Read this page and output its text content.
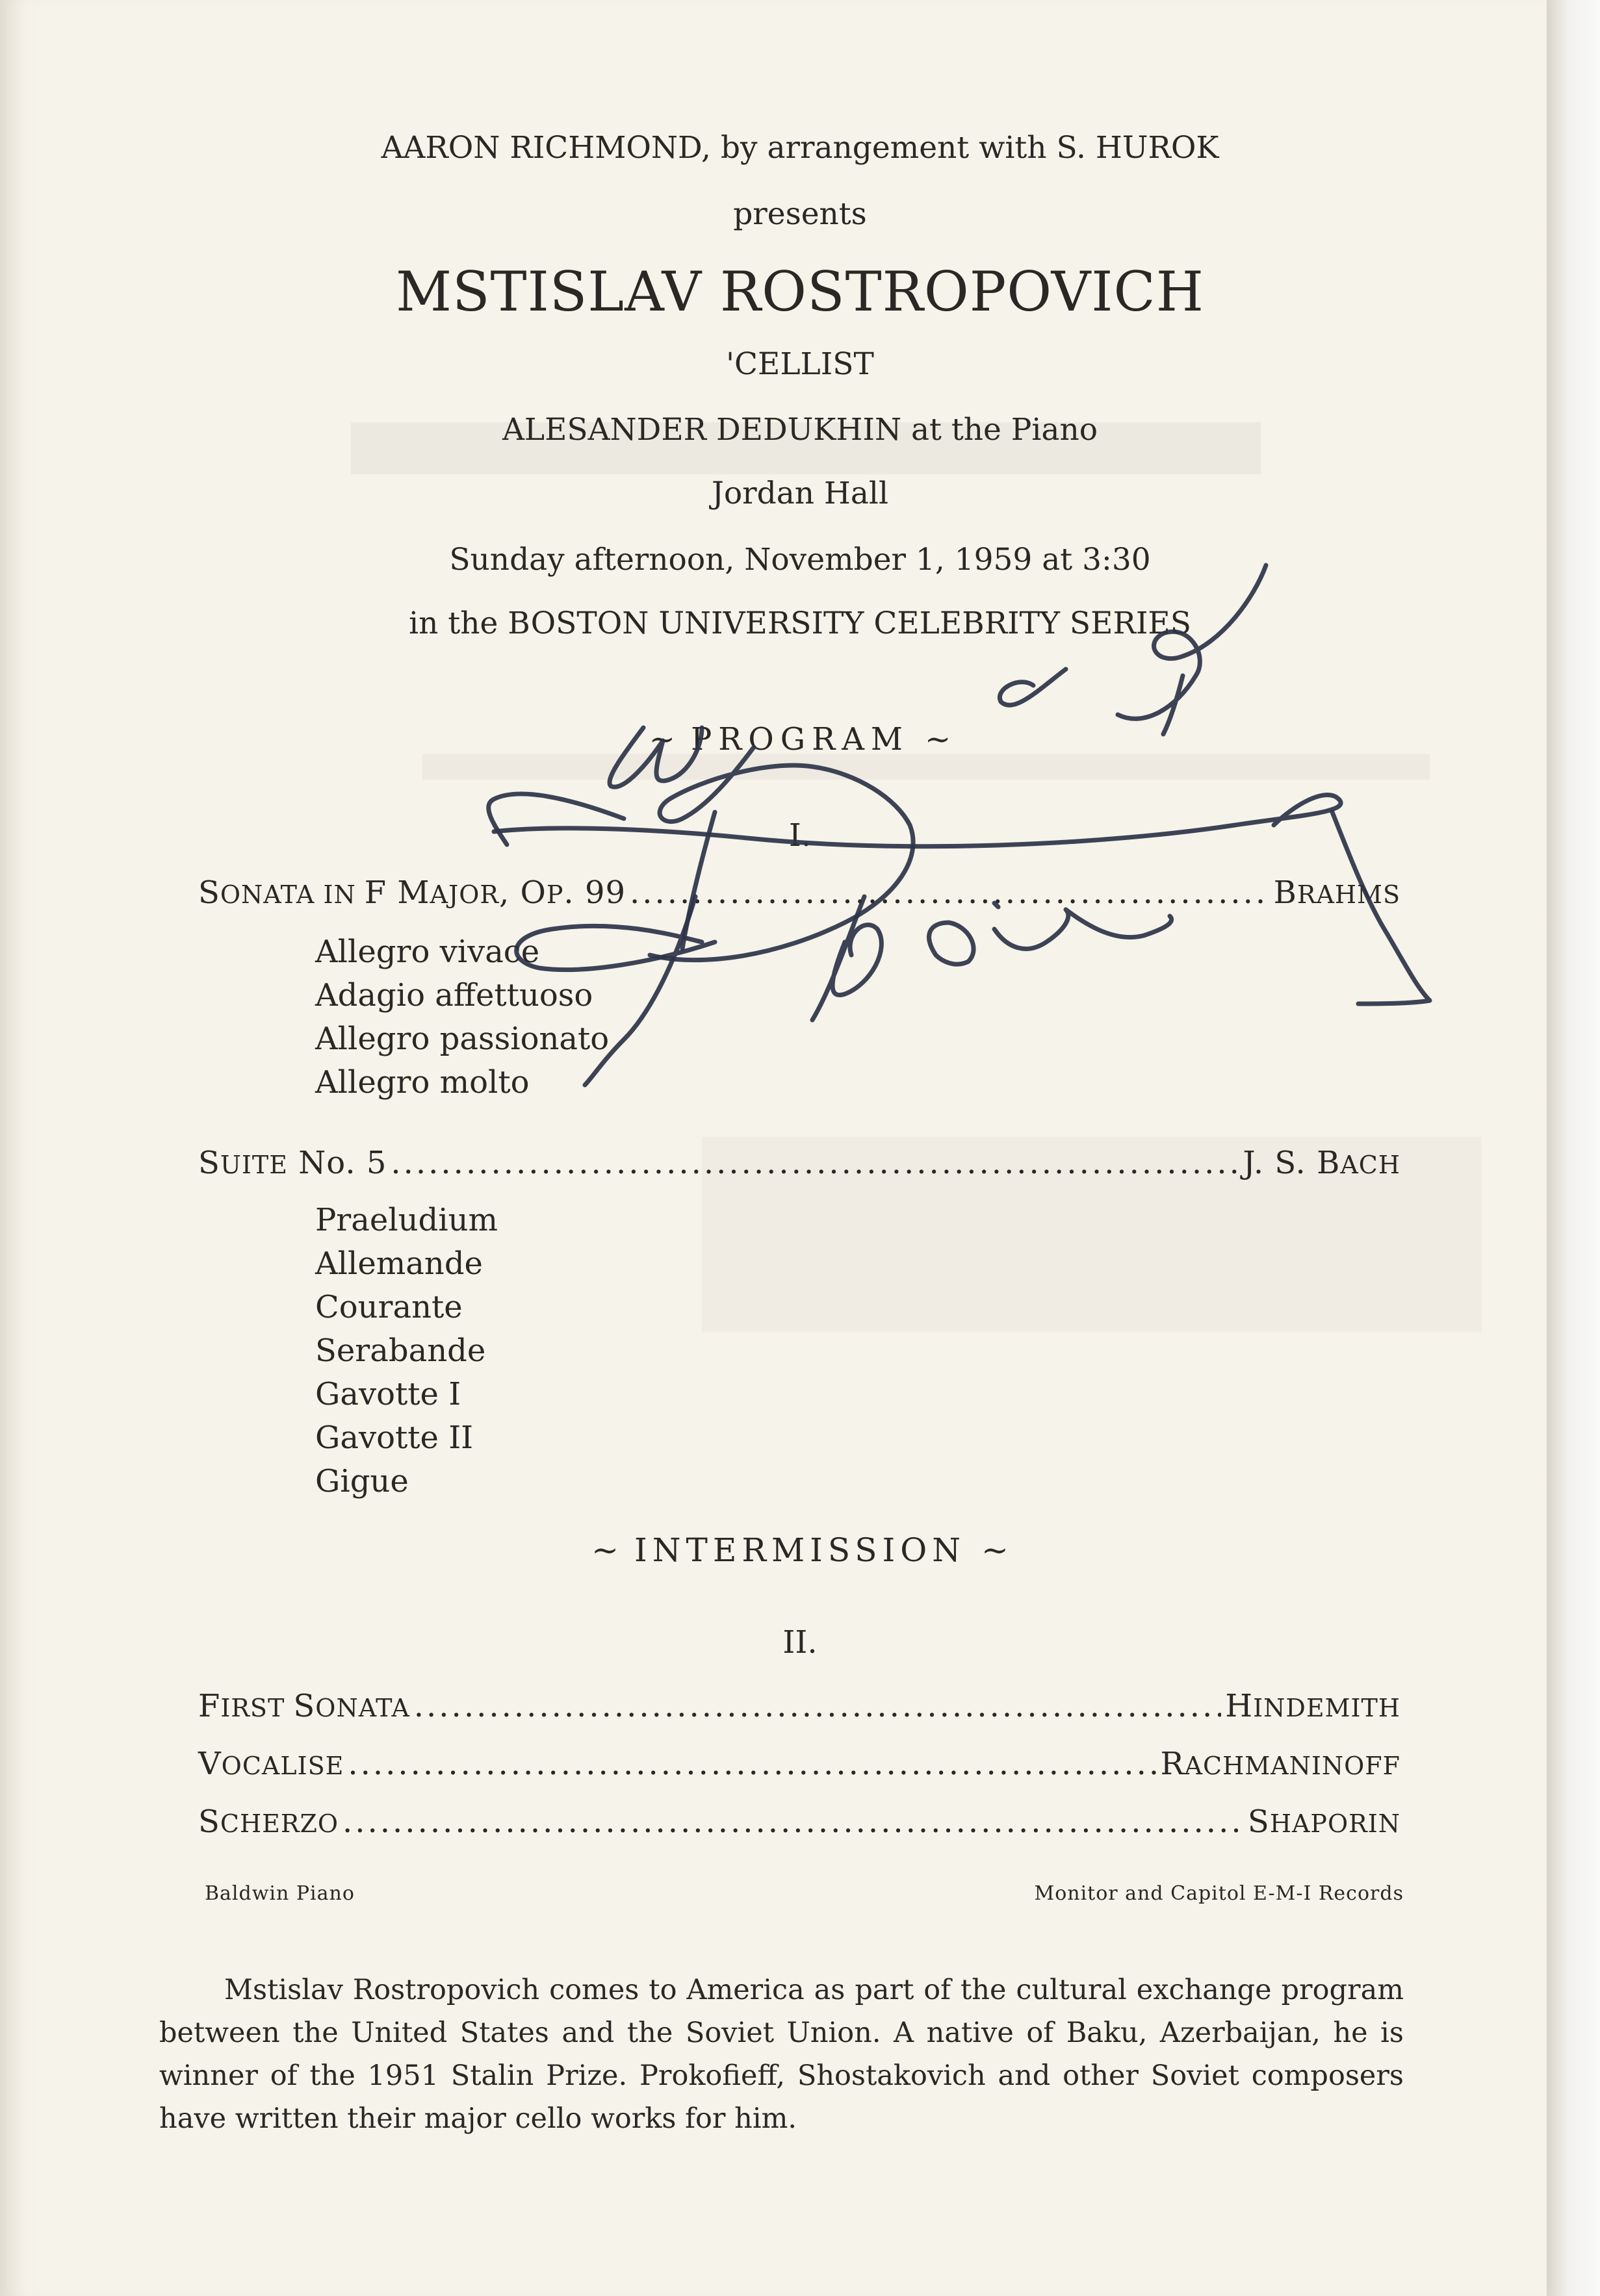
AARON RICHMOND, by arrangement with S. HUROK
presents
MSTISLAV ROSTROPOVICH
'CELLIST
ALESANDER DEDUKHIN at the Piano
Jordan Hall
Sunday afternoon, November 1, 1959 at 3:30
in the BOSTON UNIVERSITY CELEBRITY SERIES
~ PROGRAM ~
I.
SONATA IN F MAJOR, OP. 99 .....	BRAHMS
Allegro vivace
Adagio affettuoso
Allegro passionato
Allegro molto
SUITE No. 5 .....	J. S. BACH
Praeludium
Allemande
Courante
Serabande
Gavotte I
Gavotte II
Gigue
~ INTERMISSION ~
II.
FIRST SONATA .....	HINDEMITH
VOCALISE .....	RACHMANINOFF
SCHERZO .....	SHAPORIN
Baldwin Piano	Monitor and Capitol E-M-I Records
Mstislav Rostropovich comes to America as part of the cultural exchange program between the United States and the Soviet Union. A native of Baku, Azerbaijan, he is winner of the 1951 Stalin Prize. Prokofieff, Shostakovich and other Soviet composers have written their major cello works for him.
